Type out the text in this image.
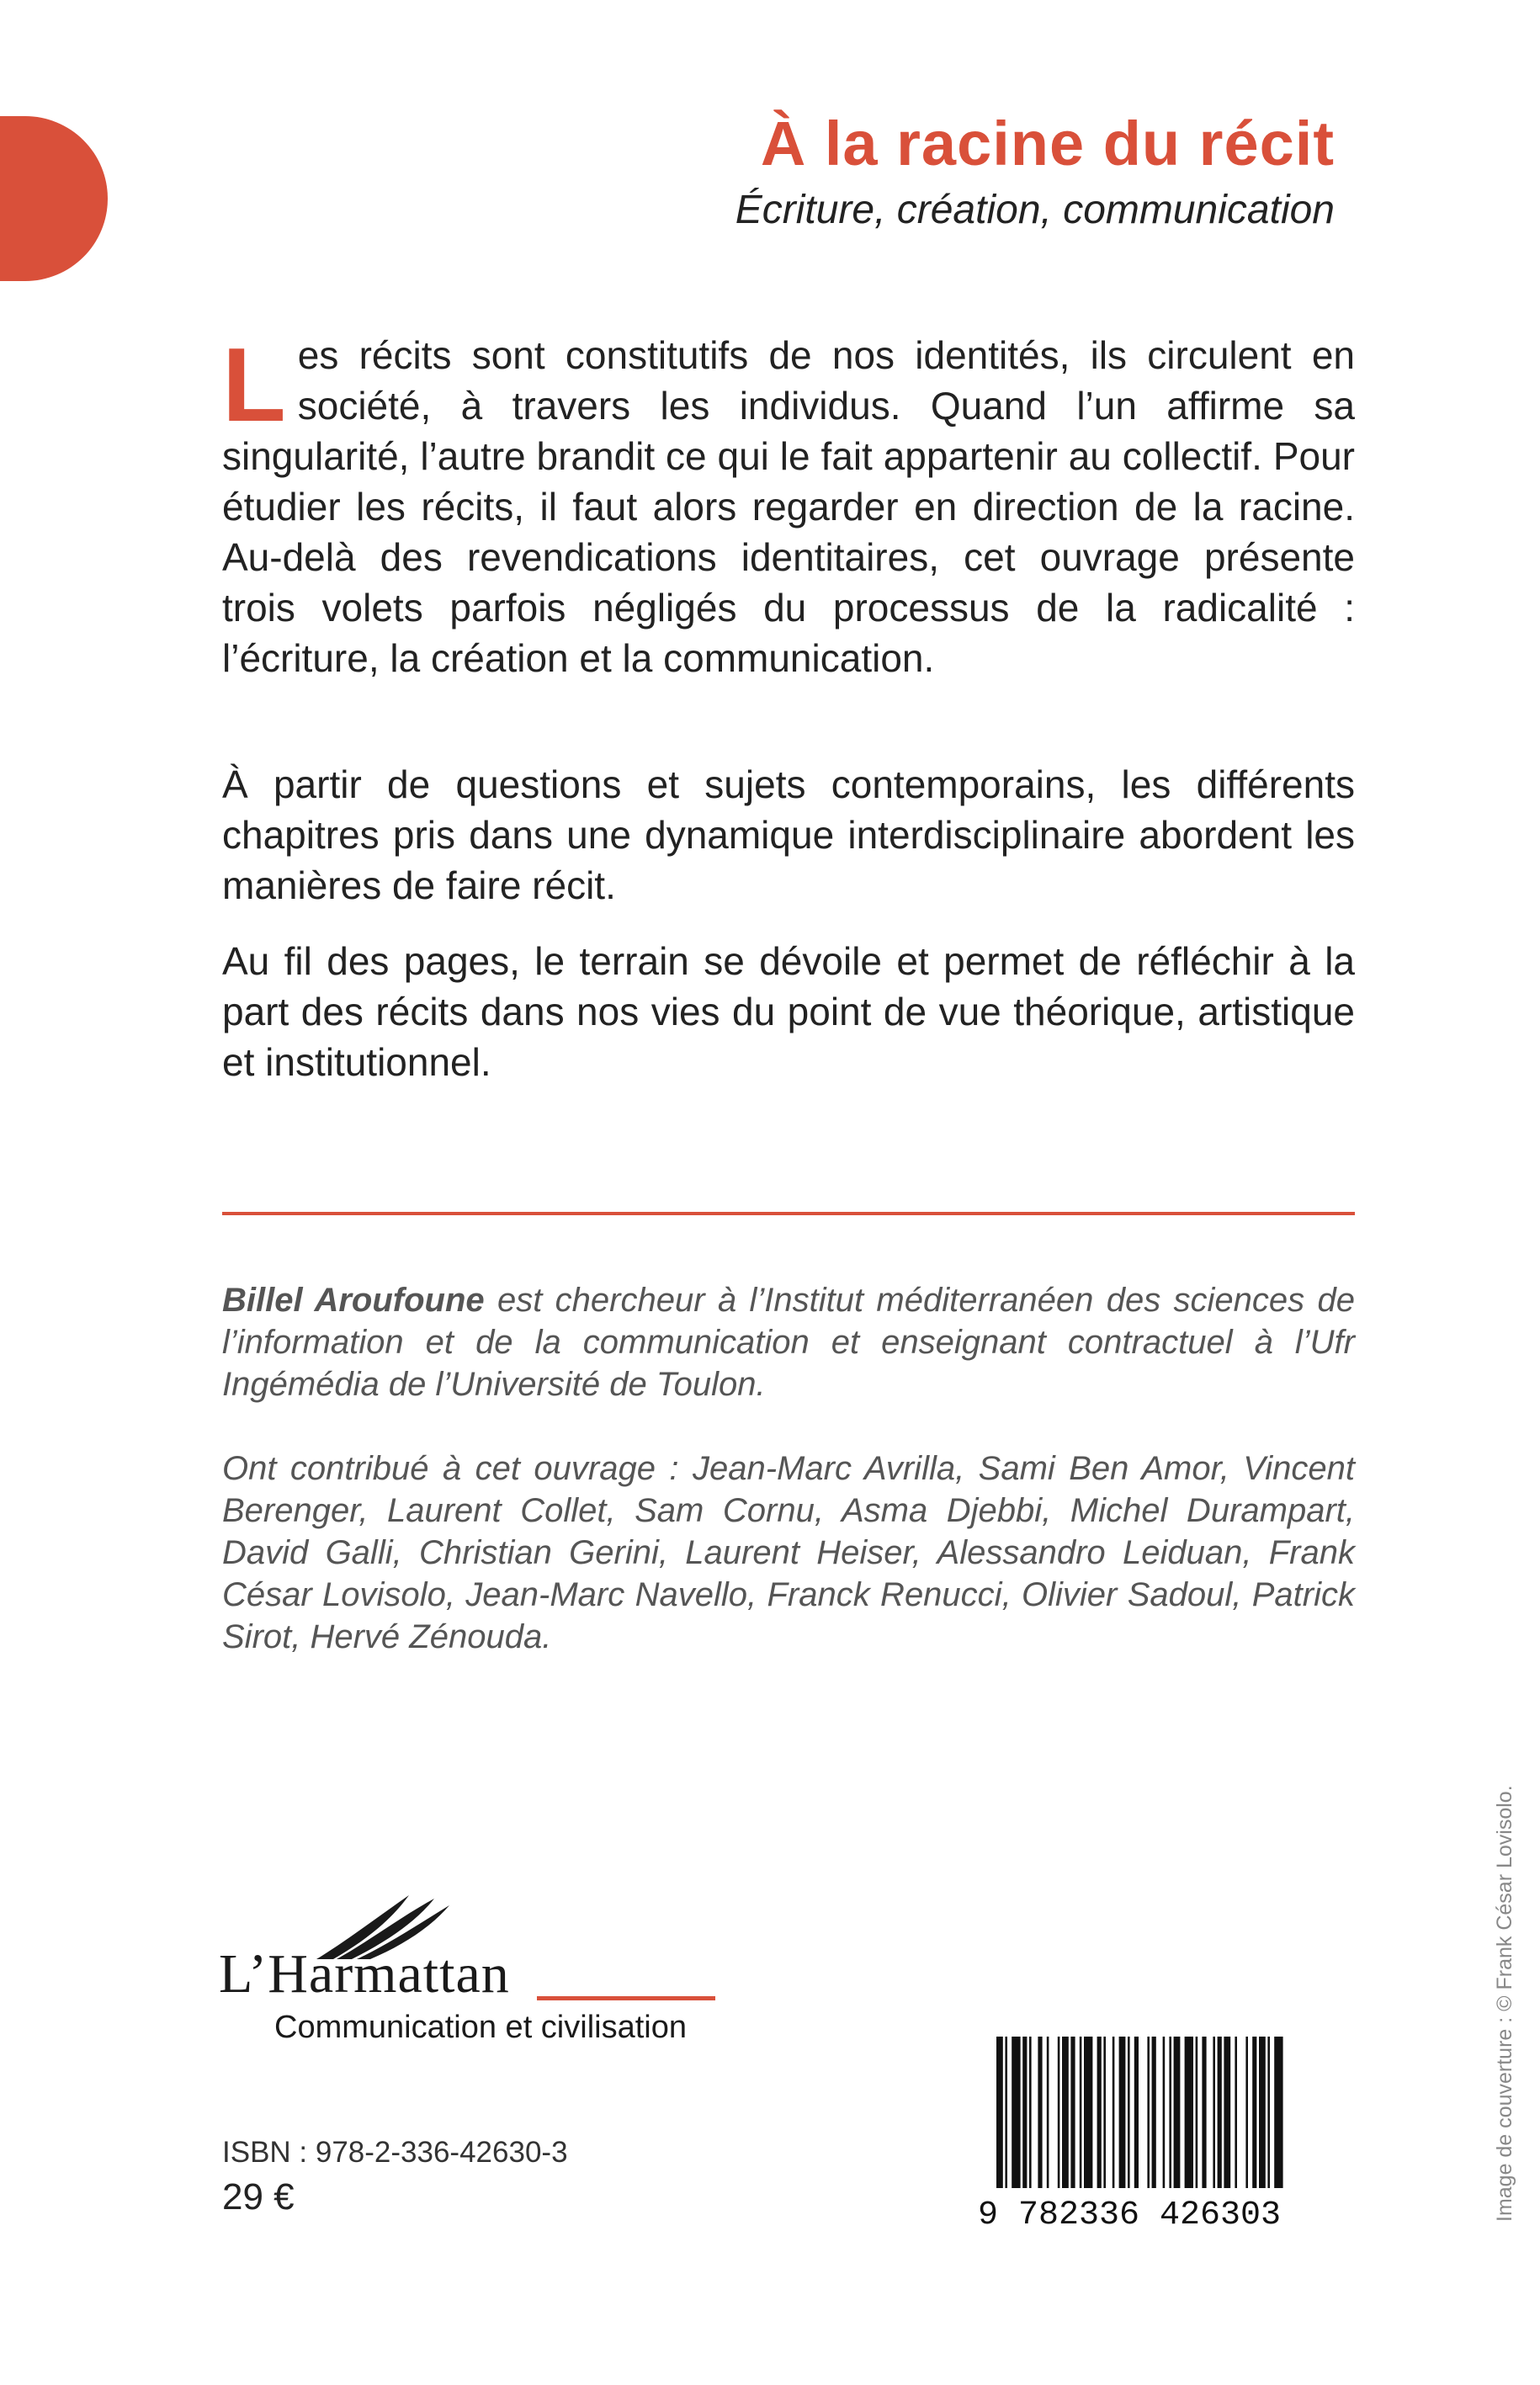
À la racine du récit

Écriture, création, communication

Les récits sont constitutifs de nos identités, ils circulent en société, à travers les individus. Quand l’un affirme sa singularité, l’autre brandit ce qui le fait appartenir au collectif. Pour étudier les récits, il faut alors regarder en direction de la racine. Au-delà des revendications identitaires, cet ouvrage présente trois volets parfois négligés du processus de la radicalité : l’écriture, la création et la communication.

À partir de questions et sujets contemporains, les différents chapitres pris dans une dynamique interdisciplinaire abordent les manières de faire récit.

Au fil des pages, le terrain se dévoile et permet de réfléchir à la part des récits dans nos vies du point de vue théorique, artistique et institutionnel.

Billel Aroufoune est chercheur à l’Institut méditerranéen des sciences de l’information et de la communication et enseignant contractuel à l’Ufr Ingémédia de l’Université de Toulon.

Ont contribué à cet ouvrage : Jean-Marc Avrilla, Sami Ben Amor, Vincent Berenger, Laurent Collet, Sam Cornu, Asma Djebbi, Michel Durampart, David Galli, Christian Gerini, Laurent Heiser, Alessandro Leiduan, Frank César Lovisolo, Jean-Marc Navello, Franck Renucci, Olivier Sadoul, Patrick Sirot, Hervé Zénouda.

Image de couverture : © Frank César Lovisolo.
L’Harmattan
Communication et civilisation
ISBN : 978-2-336-42630-3
29 €	9 782336 426303
